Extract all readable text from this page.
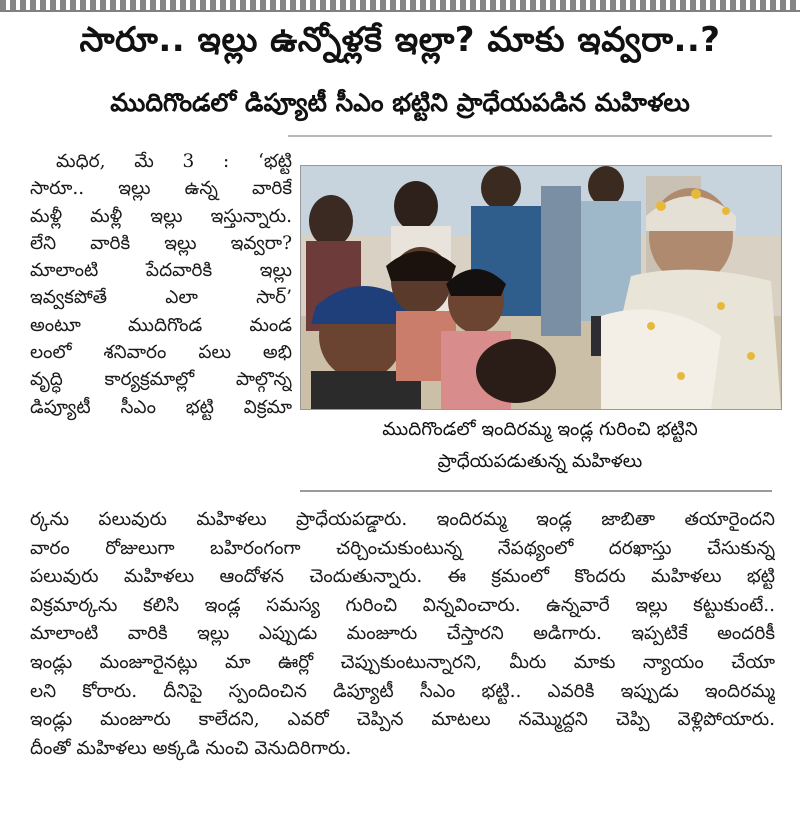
సారూ.. ఇల్లు ఉన్నోళ్లకే ఇల్లా? మాకు ఇవ్వరా..?
ముదిగొండలో డిప్యూటీ సీఎం భట్టిని ప్రాధేయపడిన మహిళలు
మధిర, మే 3 : ‘భట్టి
సారూ.. ఇల్లు ఉన్న వారికే
మళ్లీ మళ్లీ ఇల్లు ఇస్తున్నారు.
లేని వారికి ఇల్లు ఇవ్వరా?
మాలాంటి పేదవారికి ఇల్లు
ఇవ్వకపోతే ఎలా సార్’
అంటూ ముదిగొండ మండ
లంలో శనివారం పలు అభి
వృద్ధి కార్యక్రమాల్లో పాల్గొన్న
డిప్యూటీ సీఎం భట్టి విక్రమా
ముదిగొండలో ఇందిరమ్మ ఇండ్ల గురించి భట్టిని
ప్రాధేయపడుతున్న మహిళలు
ర్కను పలువురు మహిళలు ప్రాధేయపడ్డారు. ఇందిరమ్మ ఇండ్ల జాబితా తయారైందని
వారం రోజులుగా బహిరంగంగా చర్చించుకుంటున్న నేపథ్యంలో దరఖాస్తు చేసుకున్న
పలువురు మహిళలు ఆందోళన చెందుతున్నారు. ఈ క్రమంలో కొందరు మహిళలు భట్టి
విక్రమార్కను కలిసి ఇండ్ల సమస్య గురించి విన్నవించారు. ఉన్నవారే ఇల్లు కట్టుకుంటే..
మాలాంటి వారికి ఇల్లు ఎప్పుడు మంజూరు చేస్తారని అడిగారు. ఇప్పటికే అందరికీ
ఇండ్లు మంజూరైనట్లు మా ఊర్లో చెప్పుకుంటున్నారని, మీరు మాకు న్యాయం చేయా
లని కోరారు. దీనిపై స్పందించిన డిప్యూటీ సీఎం భట్టి.. ఎవరికి ఇప్పుడు ఇందిరమ్మ
ఇండ్లు మంజూరు కాలేదని, ఎవరో చెప్పిన మాటలు నమ్మొద్దని చెప్పి వెళ్లిపోయారు.
దీంతో మహిళలు అక్కడి నుంచి వెనుదిరిగారు.
